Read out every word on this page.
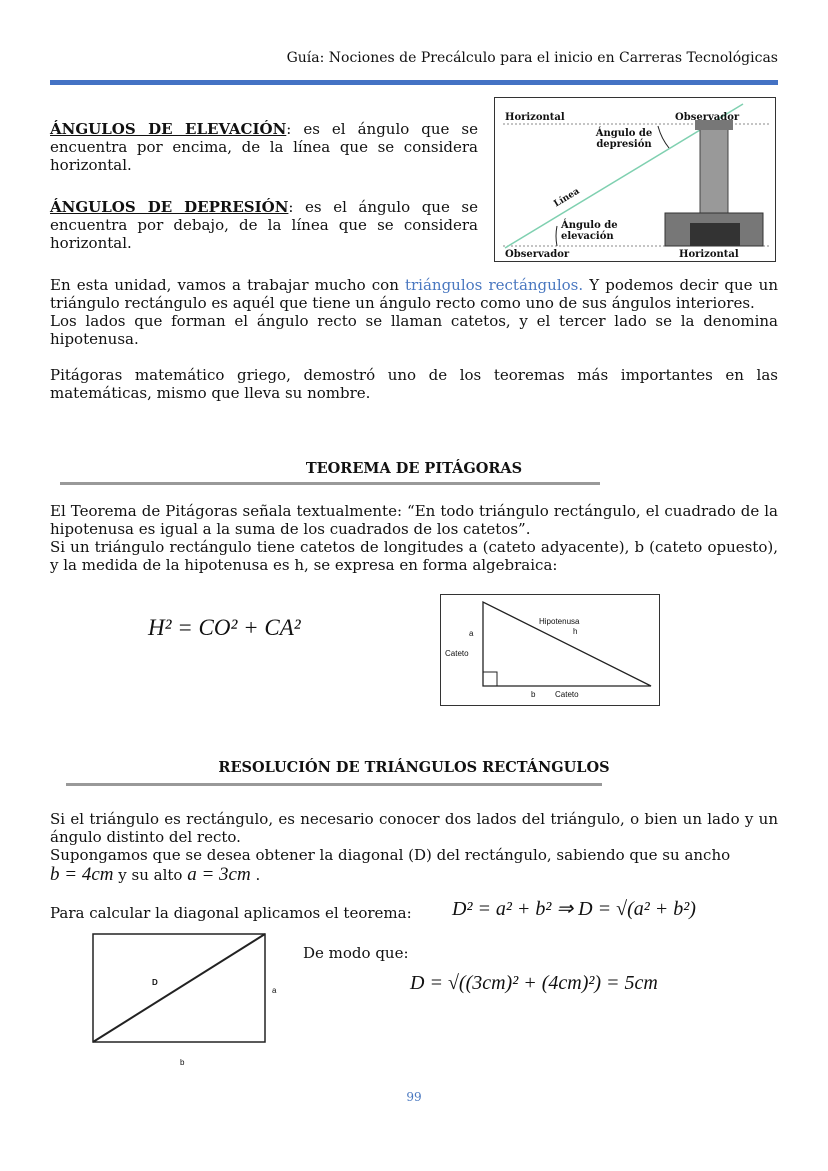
Guía: Nociones de Precálculo para el inicio en Carreras Tecnológicas

ÁNGULOS DE ELEVACIÓN: es el ángulo que se encuentra por encima, de la línea que se considera horizontal.

ÁNGULOS DE DEPRESIÓN: es el ángulo que se encuentra por debajo, de la línea que se considera horizontal.

Horizontal	Observador
Ángulo de depresión
Línea
Ángulo de elevación
Observador	Horizontal

En esta unidad, vamos a trabajar mucho con triángulos rectángulos. Y podemos decir que un triángulo rectángulo es aquél que tiene un ángulo recto como uno de sus ángulos interiores.

Los lados que forman el ángulo recto se llaman catetos, y el tercer lado se la denomina hipotenusa.

Pitágoras matemático griego, demostró uno de los teoremas más importantes en las matemáticas, mismo que lleva su nombre.

TEOREMA DE PITÁGORAS

El Teorema de Pitágoras señala textualmente: “En todo triángulo rectángulo, el cuadrado de la hipotenusa es igual a la suma de los cuadrados de los catetos”.

Si un triángulo rectángulo tiene catetos de longitudes a (cateto adyacente), b (cateto opuesto), y la medida de la hipotenusa es h, se expresa en forma algebraica:

H² = CO² + CA²	Hipotenusa
h
a
Cateto
b Cateto
RESOLUCIÓN DE TRIÁNGULOS RECTÁNGULOS

Si el triángulo es rectángulo, es necesario conocer dos lados del triángulo, o bien un lado y un ángulo distinto del recto.

Supongamos que se desea obtener la diagonal (D) del rectángulo, sabiendo que su ancho

b = 4cm y su alto a = 3cm .

Para calcular la diagonal aplicamos el teorema: D² = a² + b² ⇒ D = √(a² + b²)
D
a
b
De modo que:
D = √((3cm)² + (4cm)²) = 5cm
99
